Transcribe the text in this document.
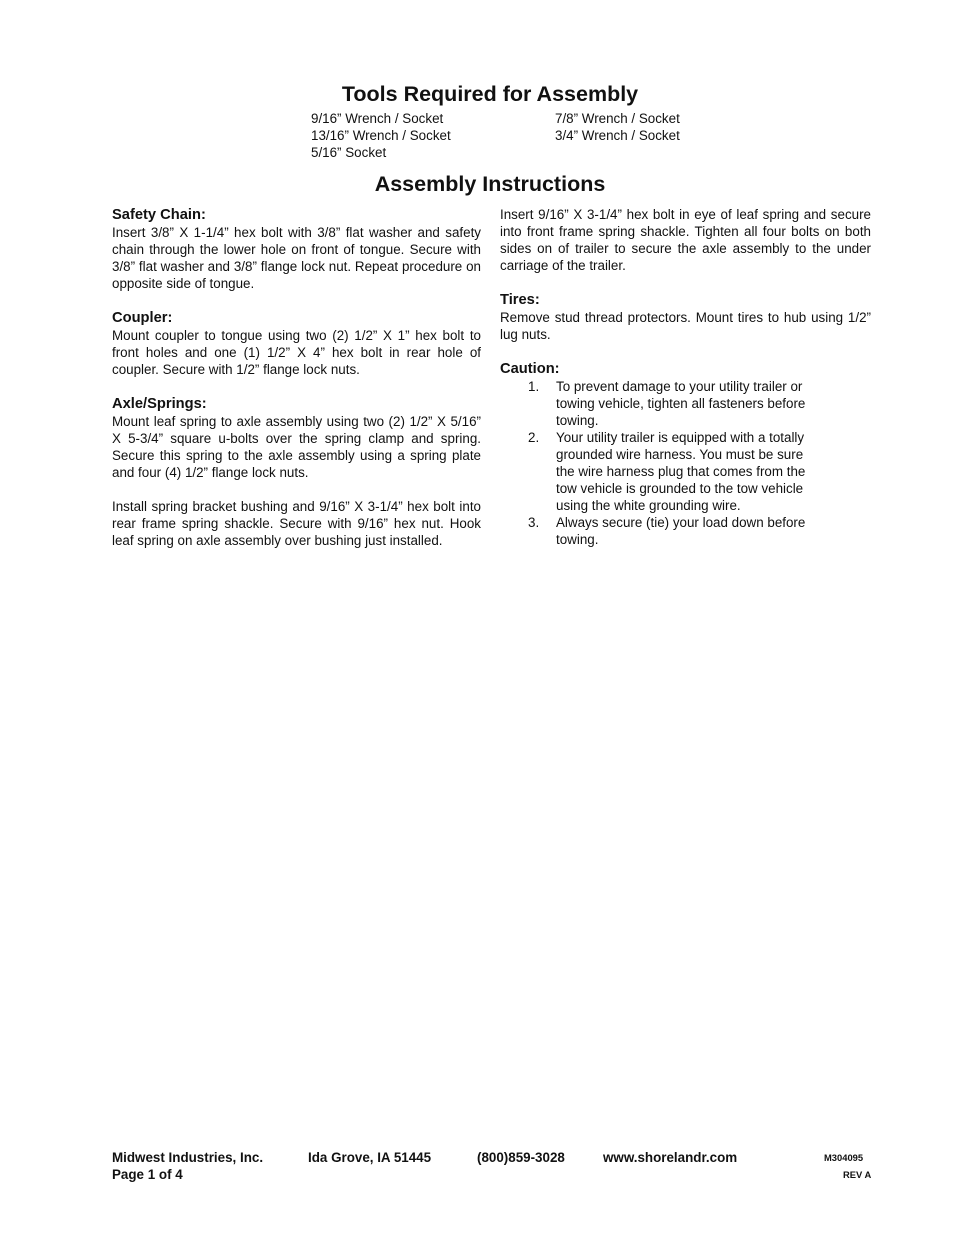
Tools Required for Assembly
9/16” Wrench / Socket
13/16” Wrench / Socket
5/16” Socket
7/8” Wrench / Socket
3/4” Wrench / Socket
Assembly Instructions
Safety Chain:

Insert 3/8” X 1-1/4” hex bolt with 3/8” flat washer and safety chain through the lower hole on front of tongue. Secure with 3/8” flat washer and 3/8” flange lock nut. Repeat procedure on opposite side of tongue.

Coupler:

Mount coupler to tongue using two (2) 1/2” X 1” hex bolt to front holes and one (1) 1/2” X 4” hex bolt in rear hole of coupler. Secure with 1/2” flange lock nuts.

Axle/Springs:

Mount leaf spring to axle assembly using two (2) 1/2” X 5/16” X 5-3/4” square u-bolts over the spring clamp and spring. Secure this spring to the axle assembly using a spring plate and four (4) 1/2” flange lock nuts.

Install spring bracket bushing and 9/16” X 3-1/4” hex bolt into rear frame spring shackle. Secure with 9/16” hex nut. Hook leaf spring on axle assembly over bushing just installed.

Insert 9/16” X 3-1/4” hex bolt in eye of leaf spring and secure into front frame spring shackle. Tighten all four bolts on both sides on of trailer to secure the axle assembly to the under carriage of the trailer.

Tires:

Remove stud thread protectors. Mount tires to hub using 1/2” lug nuts.

Caution:
1.	To prevent damage to your utility trailer or towing vehicle, tighten all fasteners before towing.
2.	Your utility trailer is equipped with a totally grounded wire harness. You must be sure the wire harness plug that comes from the tow vehicle is grounded to the tow vehicle using the white grounding wire.
3.	Always secure (tie) your load down before towing.
Midwest Industries, Inc.
Page 1 of 4
Ida Grove, IA 51445	(800)859-3028	www.shorelandr.com	M304095
REV A
